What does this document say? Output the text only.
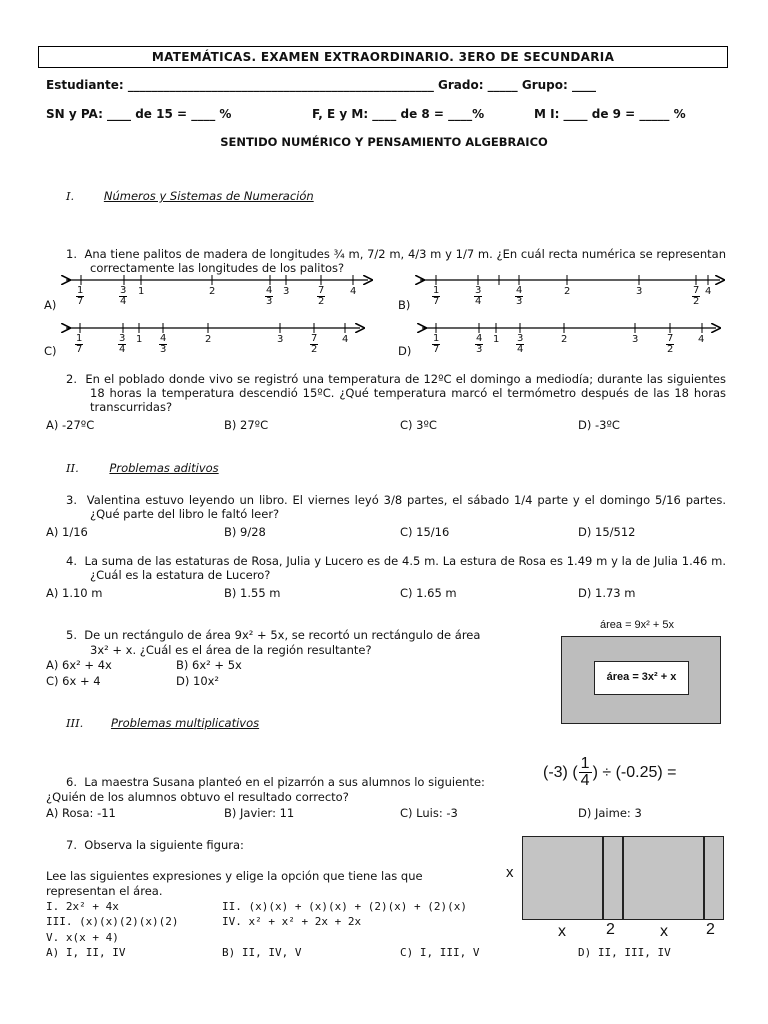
MATEMÁTICAS. EXAMEN EXTRAORDINARIO. 3ERO DE SECUNDARIA
Estudiante: ___________________________________________________ Grado: _____ Grupo: ____
SN y PA: ____ de 15 = ____ %	F, E y M: ____ de 8 = ____%	M I: ____ de 9 = _____ %
SENTIDO NUMÉRICO Y PENSAMIENTO ALGEBRAICO
I.	Números y Sistemas de Numeración
1. Ana tiene palitos de madera de longitudes ¾ m, 7/2 m, 4/3 m y 1/7 m. ¿En cuál recta numérica se representan correctamente las longitudes de los palitos?
A)	B)
C)	D)
$\frac{1}{7}$	$\frac{3}{4} 1$	2	$\frac{4}{3} 3$	$\frac{7}{2} 4$	$\frac{1}{7}$	$\frac{3}{4}$	$\frac{4}{3}$	2	3	$\frac{7}{2} 4$
$\frac{1}{7}$	$\frac{3}{4} 1 \frac{4}{3}$	2	3	$\frac{7}{2} 4$	$\frac{1}{7}$	$\frac{4}{3} 1 \frac{3}{4}$	2	3	$\frac{7}{2} 4$
2. En el poblado donde vivo se registró una temperatura de 12ºC el domingo a mediodía; durante las siguientes 18 horas la temperatura descendió 15ºC. ¿Qué temperatura marcó el termómetro después de las 18 horas transcurridas?
A) -27ºC	B) 27ºC	C) 3ºC	D) -3ºC
II.	Problemas aditivos
3. Valentina estuvo leyendo un libro. El viernes leyó 3/8 partes, el sábado 1/4 parte y el domingo 5/16 partes. ¿Qué parte del libro le faltó leer?
A) 1/16	B) 9/28	C) 15/16	D) 15/512
4. La suma de las estaturas de Rosa, Julia y Lucero es de 4.5 m. La estura de Rosa es 1.49 m y la de Julia 1.46 m. ¿Cuál es la estatura de Lucero?
A) 1.10 m	B) 1.55 m	C) 1.65 m	D) 1.73 m
5. De un rectángulo de área 9x² + 5x, se recortó un rectángulo de área
3x² + x. ¿Cuál es el área de la región resultante?
A) 6x² + 4x	B) 6x² + 5x
C) 6x + 4	D) 10x²
área = 9x² + 5x
área = 3x² + x
III. Problemas multiplicativos
6. La maestra Susana planteó en el pizarrón a sus alumnos lo siguiente:
¿Quién de los alumnos obtuvo el resultado correcto?
(-3) ( 1
4 ) ÷ (-0.25) =
A) Rosa: -11	B) Javier: 11	C) Luis: -3	D) Jaime: 3
7. Observa la siguiente figura:
Lee las siguientes expresiones y elige la opción que tiene las que
representan el área.
I. 2x² + 4x	II. (x)(x) + (x)(x) + (2)(x) + (2)(x)
III. (x)(x)(2)(x)(2)	IV. x² + x² + 2x + 2x
V. x(x + 4)
A) I, II, IV	B) II, IV, V	C) I, III, V	D) II, III, IV
x
x	2	x 2
